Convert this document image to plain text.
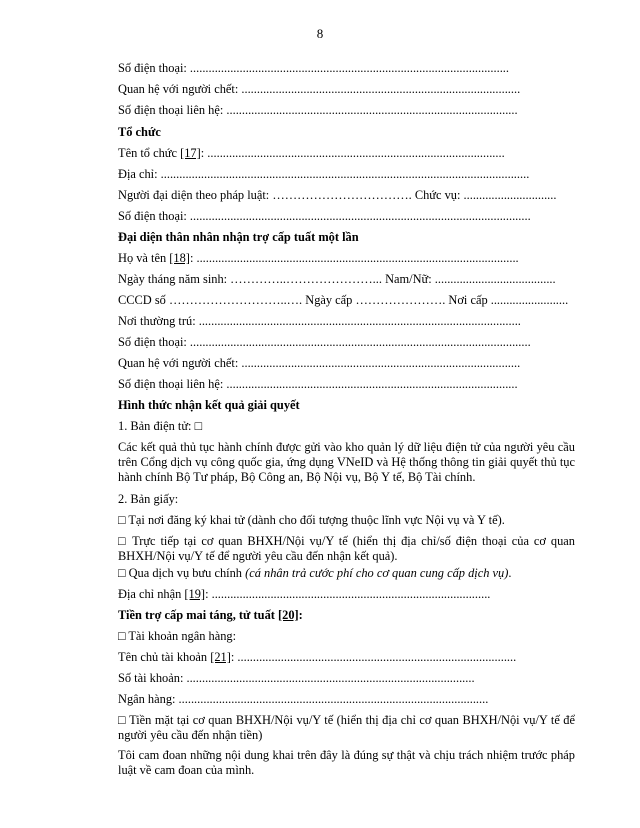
8
Số điện thoại: .......................................................................................................
Quan hệ với người chết: ..........................................................................................
Số điện thoại liên hệ: ..............................................................................................
Tổ chức
Tên tổ chức [17]: ................................................................................................
Địa chỉ: .......................................................................................................................
Người đại diện theo pháp luật: ……………………………. Chức vụ: ..............................
Số điện thoại: ..............................................................................................................
Đại diện thân nhân nhận trợ cấp tuất một lần
Họ và tên [18]: ........................................................................................................
Ngày tháng năm sinh: …………..…………………... Nam/Nữ: .......................................
CCCD số ………………………..…. Ngày cấp …………………. Nơi cấp .........................
Nơi thường trú: ........................................................................................................
Số điện thoại: ..............................................................................................................
Quan hệ với người chết: ..........................................................................................
Số điện thoại liên hệ: ..............................................................................................
Hình thức nhận kết quả giải quyết
1. Bản điện tử: □
Các kết quả thủ tục hành chính được gửi vào kho quản lý dữ liệu điện tử của người yêu cầu trên Cổng dịch vụ công quốc gia, ứng dụng VNeID và Hệ thống thông tin giải quyết thủ tục hành chính Bộ Tư pháp, Bộ Công an, Bộ Nội vụ, Bộ Y tế, Bộ Tài chính.
2. Bản giấy:
□ Tại nơi đăng ký khai tử (dành cho đối tượng thuộc lĩnh vực Nội vụ và Y tế).
□ Trực tiếp tại cơ quan BHXH/Nội vụ/Y tế (hiển thị địa chỉ/số điện thoại của cơ quan BHXH/Nội vụ/Y tế để người yêu cầu đến nhận kết quả).
□ Qua dịch vụ bưu chính (cá nhân trả cước phí cho cơ quan cung cấp dịch vụ).
Địa chỉ nhận [19]: ..........................................................................................
Tiền trợ cấp mai táng, tử tuất [20]:
□ Tài khoản ngân hàng:
Tên chủ tài khoản [21]: ..........................................................................................
Số tài khoản: .............................................................................................
Ngân hàng: ....................................................................................................
□ Tiền mặt tại cơ quan BHXH/Nội vụ/Y tế (hiển thị địa chỉ cơ quan BHXH/Nội vụ/Y tế để người yêu cầu đến nhận tiền)
Tôi cam đoan những nội dung khai trên đây là đúng sự thật và chịu trách nhiệm trước pháp luật về cam đoan của mình.
